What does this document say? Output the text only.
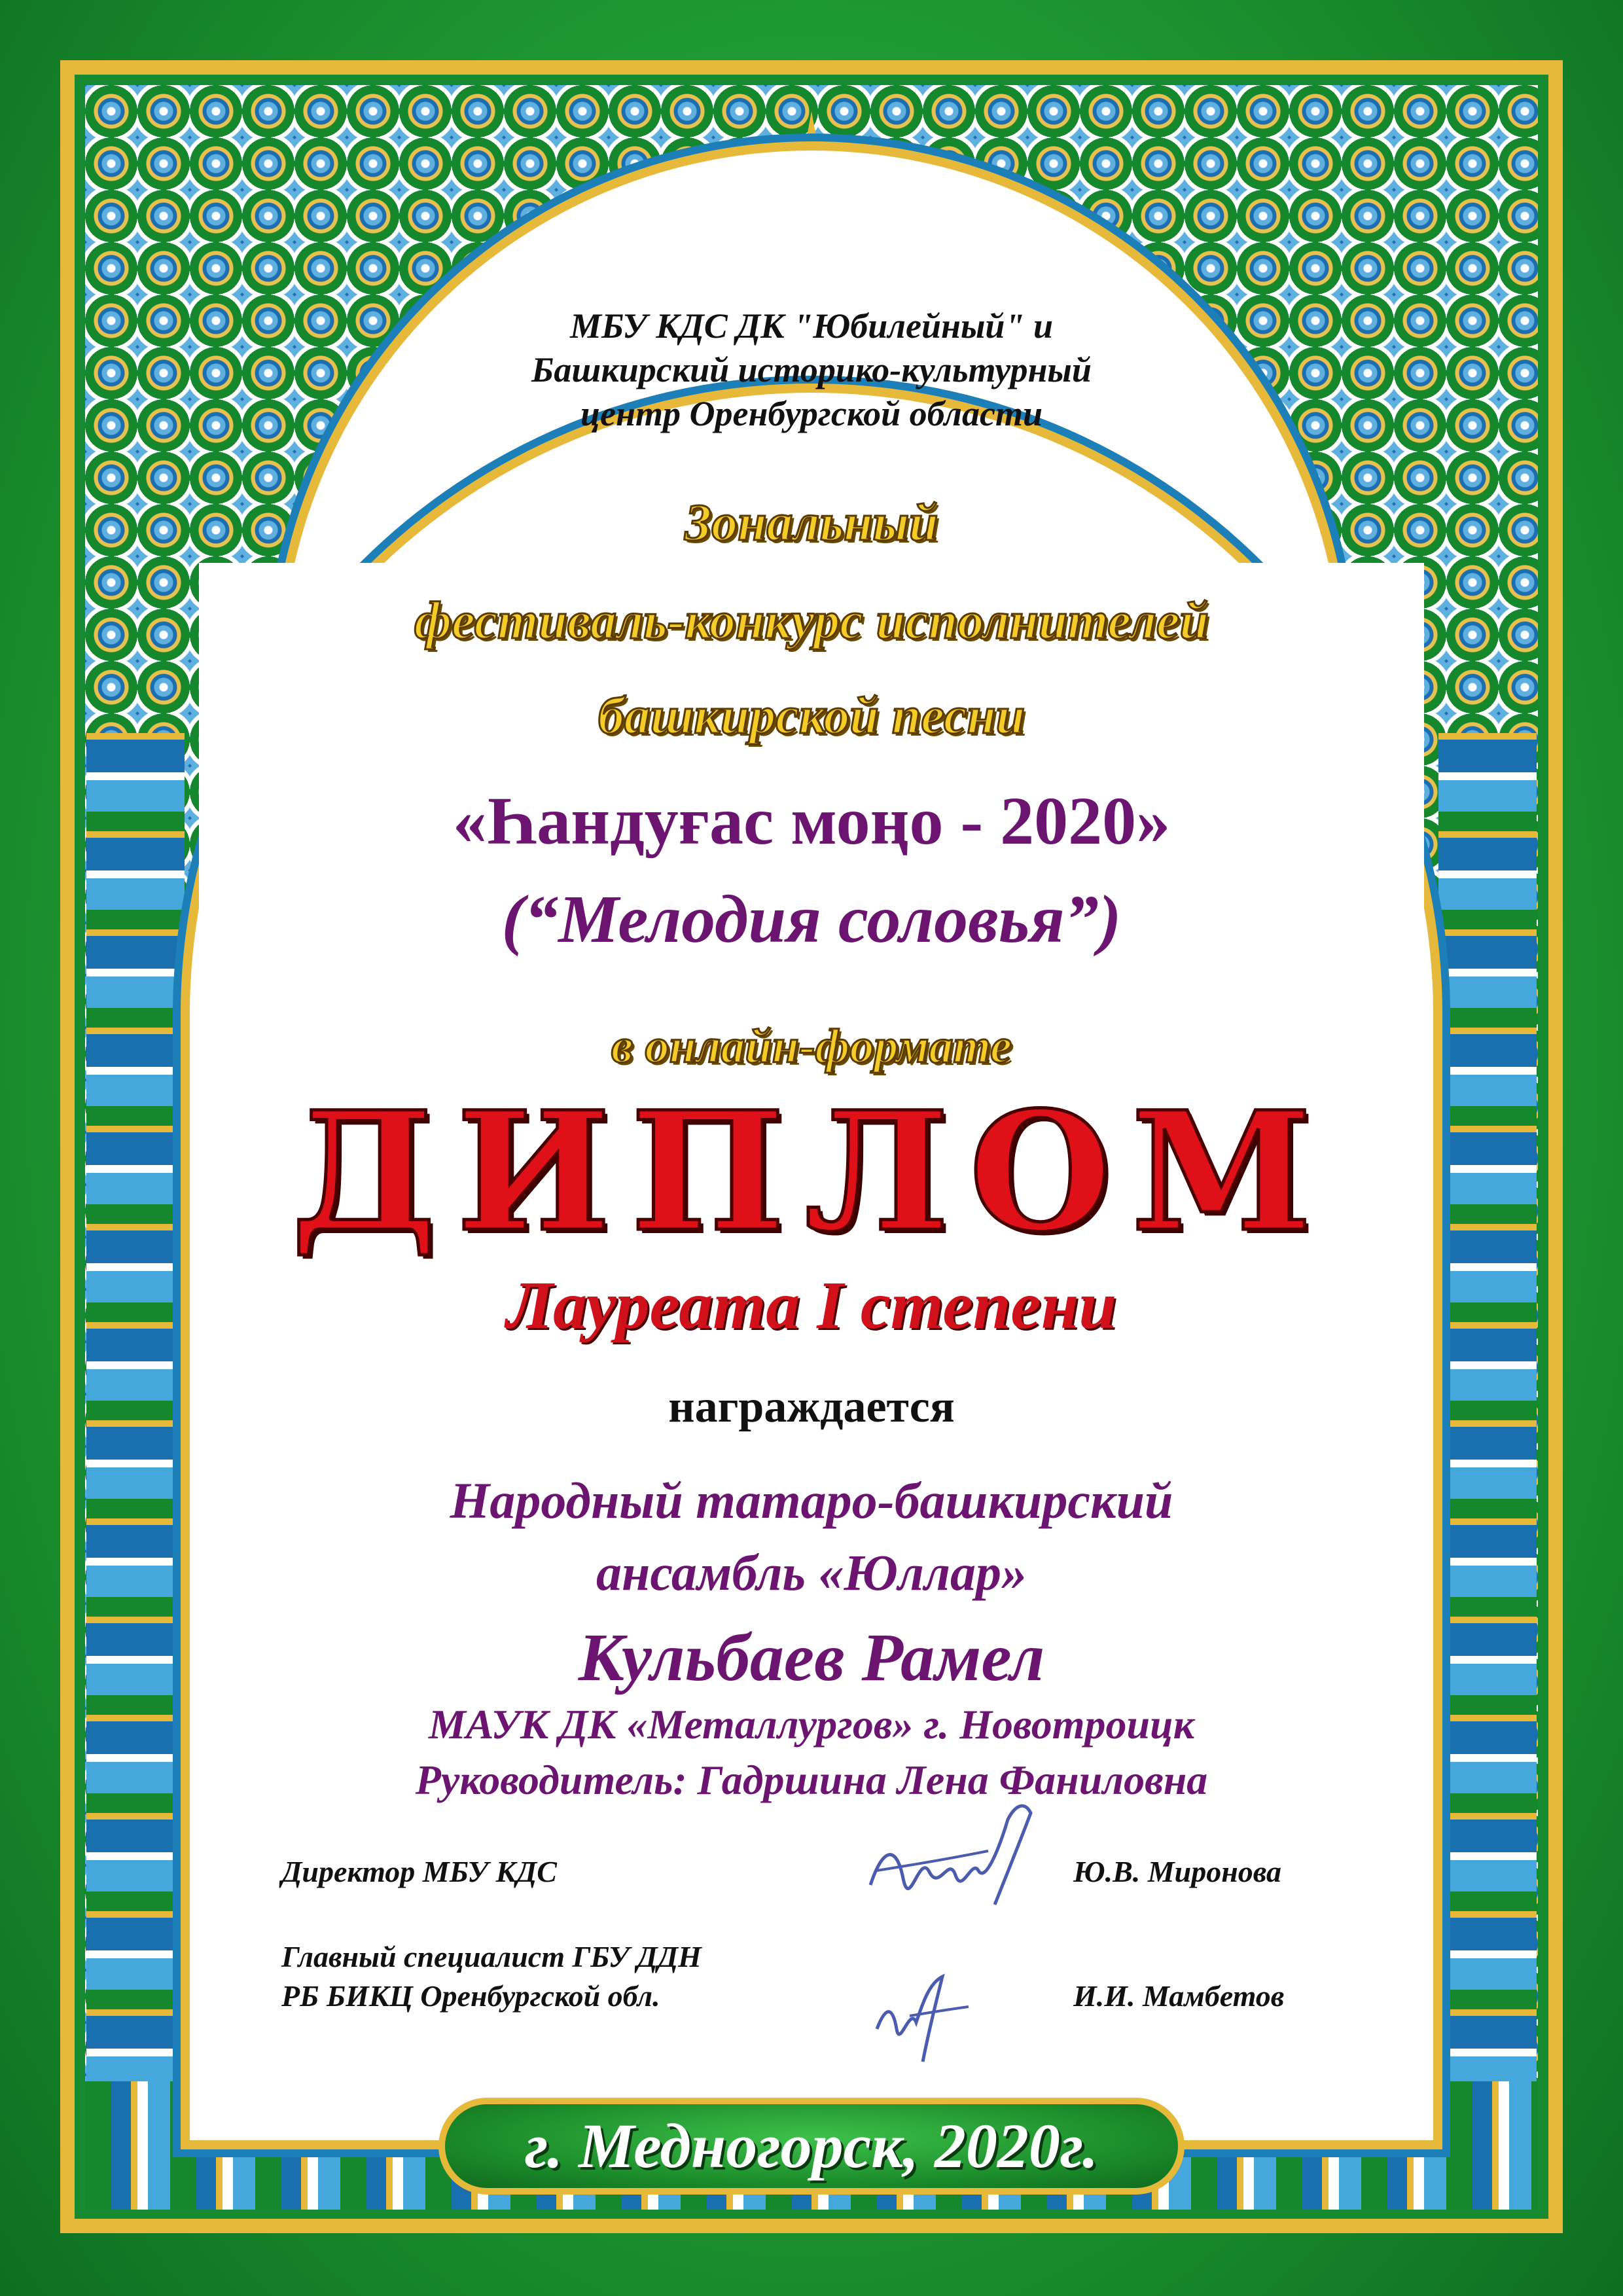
МБУ КДС ДК "Юбилейный" и

Башкирский историко-культурный

центр Оренбургской области

Зональный

фестиваль-конкурс исполнителей

башкирской песни

«Һандуғас моңо - 2020»

(“Мелодия соловья”)

в онлайн-формате

ДИПЛОМ

Лауреата I степени

награждается

Народный татаро-башкирский

ансамбль «Юллар»

Кульбаев Рамел

МАУК ДК «Металлургов» г. Новотроицк

Руководитель: Гадршина Лена Фаниловна

Директор МБУ КДС	Ю.В. Миронова

Главный специалист ГБУ ДДН

РБ БИКЦ Оренбургской обл.	И.И. Мамбетов

г. Медногорск, 2020г.
